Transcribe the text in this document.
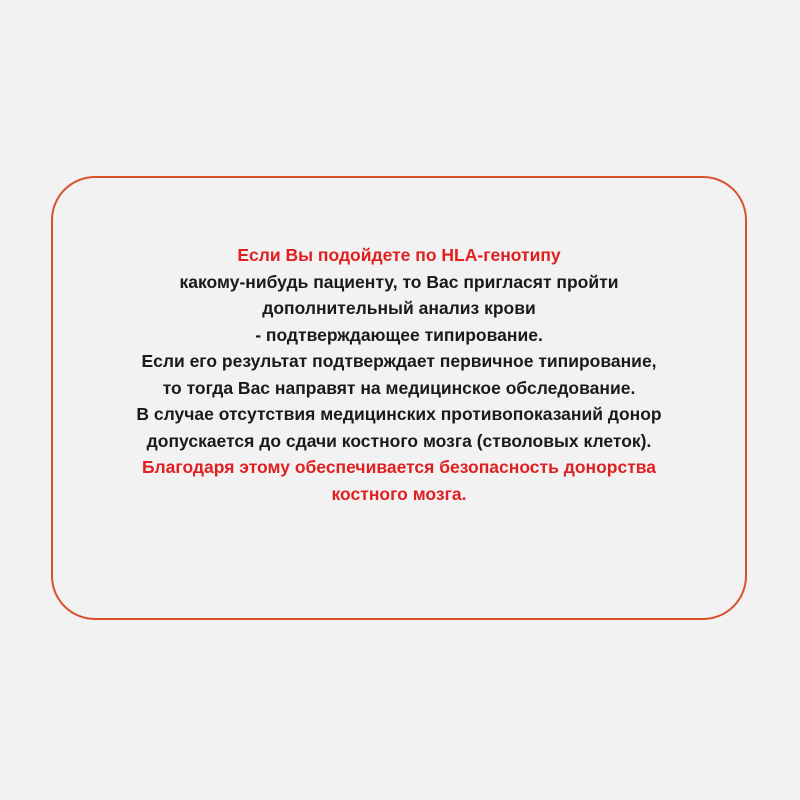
Если Вы подойдете по HLA-генотипу
какому-нибудь пациенту, то Вас пригласят пройти
дополнительный анализ крови
- подтверждающее типирование.
Если его результат подтверждает первичное типирование,
то тогда Вас направят на медицинское обследование.
В случае отсутствия медицинских противопоказаний донор
допускается до сдачи костного мозга (стволовых клеток).
Благодаря этому обеспечивается безопасность донорства
костного мозга.
